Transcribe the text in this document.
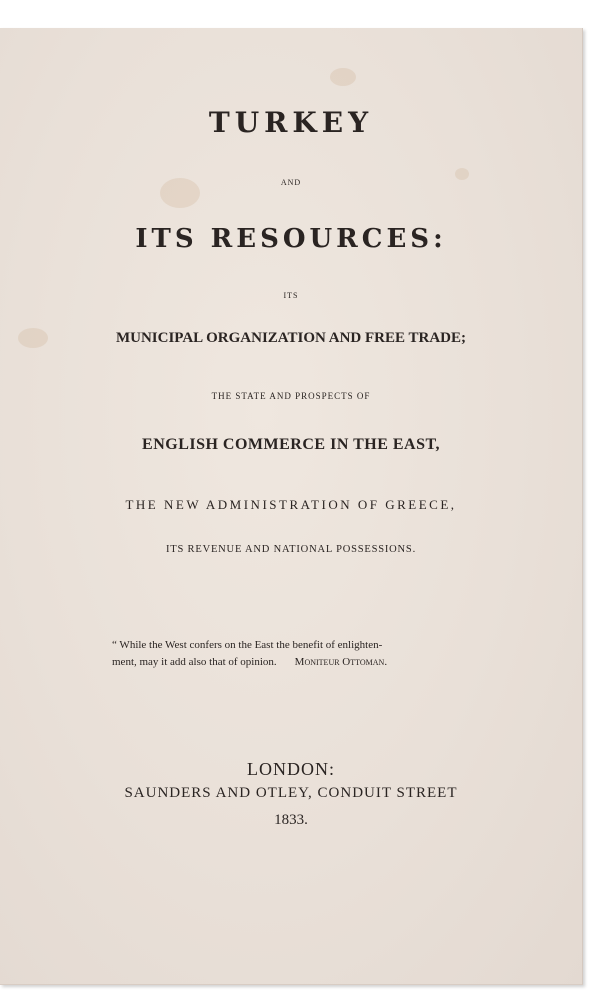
TURKEY
AND
ITS RESOURCES:
ITS
MUNICIPAL ORGANIZATION AND FREE TRADE;
THE STATE AND PROSPECTS OF
ENGLISH COMMERCE IN THE EAST,
THE NEW ADMINISTRATION OF GREECE,
ITS REVENUE AND NATIONAL POSSESSIONS.
“ While the West confers on the East the benefit of enlighten-
ment, may it add also that of opinion. Moniteur Ottoman.
LONDON:
SAUNDERS AND OTLEY, CONDUIT STREET
1833.
